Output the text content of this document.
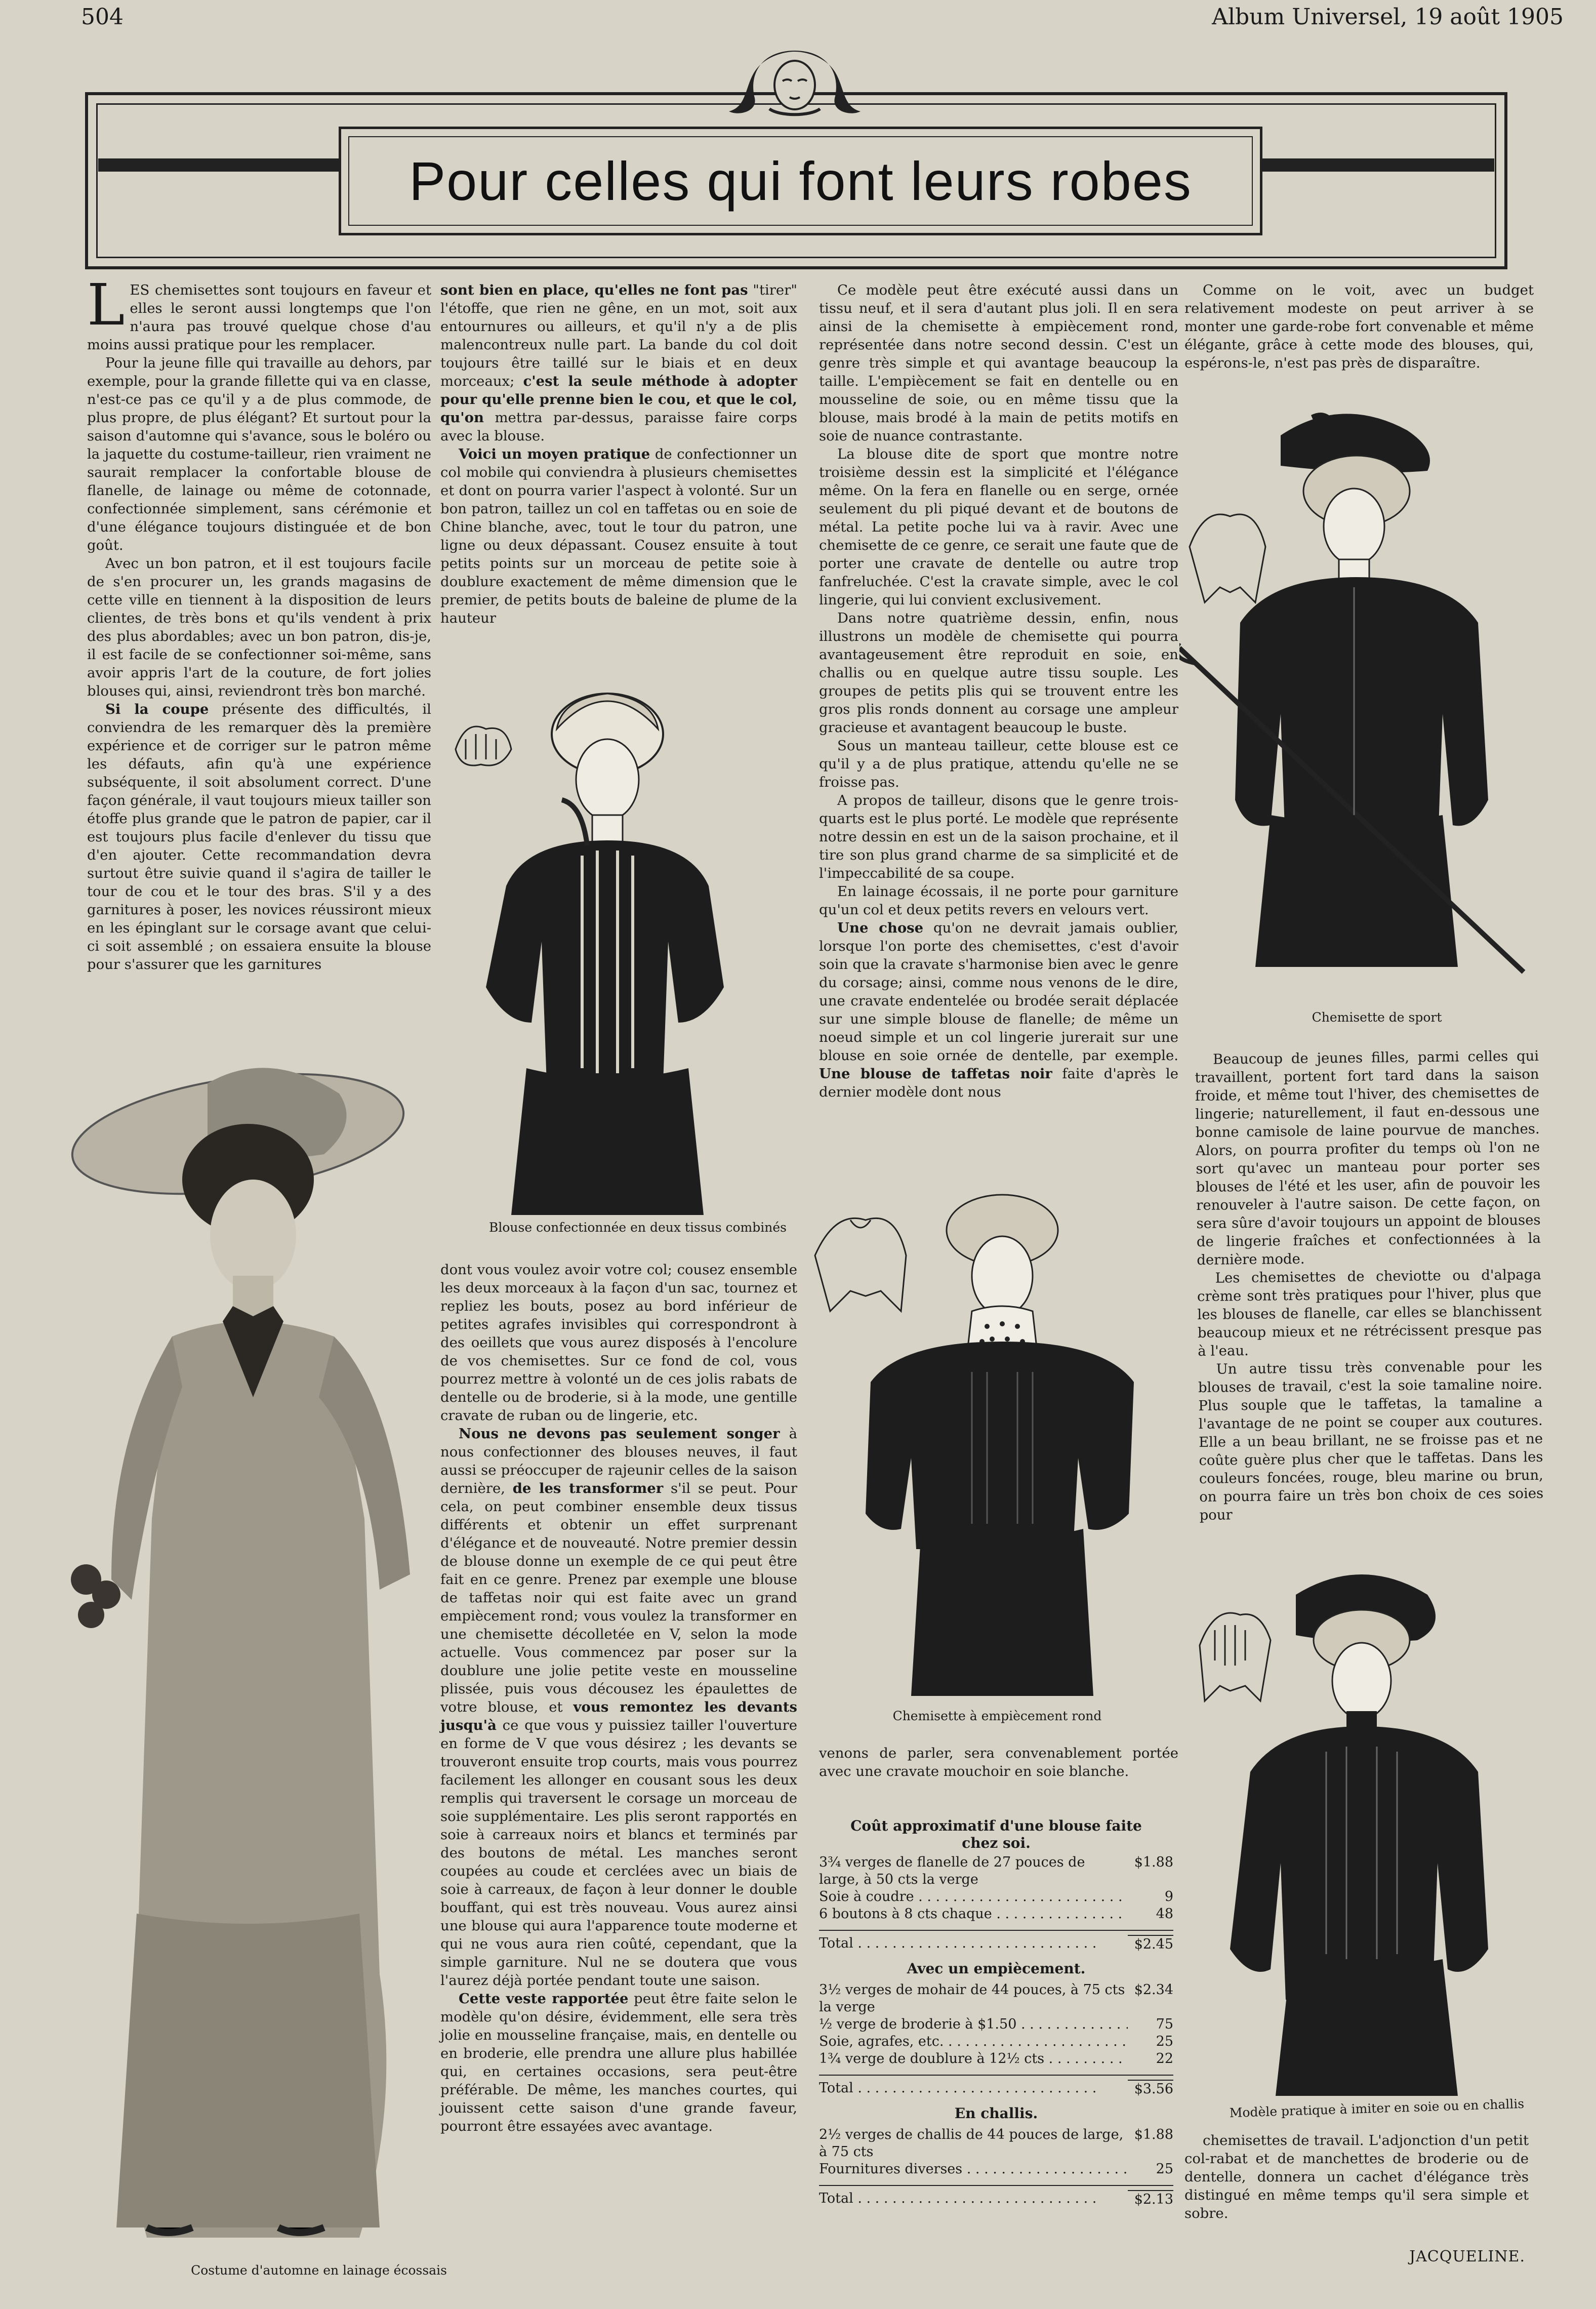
504	Album Universel, 19 août 1905
Pour celles qui font leurs robes

LES chemisettes sont toujours en faveur et elles le seront aussi longtemps que l'on n'aura pas trouvé quelque chose d'au moins aussi pratique pour les remplacer.

Pour la jeune fille qui travaille au dehors, par exemple, pour la grande fillette qui va en classe, n'est-ce pas ce qu'il y a de plus commode, de plus propre, de plus élégant? Et surtout pour la saison d'automne qui s'avance, sous le boléro ou la jaquette du costume-tailleur, rien vraiment ne saurait remplacer la confortable blouse de flanelle, de lainage ou même de cotonnade, confectionnée simplement, sans cérémonie et d'une élégance toujours distinguée et de bon goût.

Avec un bon patron, et il est toujours facile de s'en procurer un, les grands magasins de cette ville en tiennent à la disposition de leurs clientes, de très bons et qu'ils vendent à prix des plus abordables; avec un bon patron, dis-je, il est facile de se confectionner soi-même, sans avoir appris l'art de la couture, de fort jolies blouses qui, ainsi, reviendront très bon marché.

Si la coupe présente des difficultés, il conviendra de les remarquer dès la première expérience et de corriger sur le patron même les défauts, afin qu'à une expérience subséquente, il soit absolument correct. D'une façon générale, il vaut toujours mieux tailler son étoffe plus grande que le patron de papier, car il est toujours plus facile d'enlever du tissu que d'en ajouter. Cette recommandation devra surtout être suivie quand il s'agira de tailler le tour de cou et le tour des bras. S'il y a des garnitures à poser, les novices réussiront mieux en les épinglant sur le corsage avant que celui-ci soit assemblé ; on essaiera ensuite la blouse pour s'assurer que les garnitures

sont bien en place, qu'elles ne font pas "tirer" l'étoffe, que rien ne gêne, en un mot, soit aux entournures ou ailleurs, et qu'il n'y a de plis malencontreux nulle part. La bande du col doit toujours être taillé sur le biais et en deux morceaux; c'est la seule méthode à adopter pour qu'elle prenne bien le cou, et que le col, qu'on mettra par-dessus, paraisse faire corps avec la blouse.

Voici un moyen pratique de confectionner un col mobile qui conviendra à plusieurs chemisettes et dont on pourra varier l'aspect à volonté. Sur un bon patron, taillez un col en taffetas ou en soie de Chine blanche, avec, tout le tour du patron, une ligne ou deux dépassant. Cousez ensuite à tout petits points sur un morceau de petite soie à doublure exactement de même dimension que le premier, de petits bouts de baleine de plume de la hauteur

Blouse confectionnée en deux tissus combinés

dont vous voulez avoir votre col; cousez ensemble les deux morceaux à la façon d'un sac, tournez et repliez les bouts, posez au bord inférieur de petites agrafes invisibles qui correspondront à des oeillets que vous aurez disposés à l'encolure de vos chemisettes. Sur ce fond de col, vous pourrez mettre à volonté un de ces jolis rabats de dentelle ou de broderie, si à la mode, une gentille cravate de ruban ou de lingerie, etc.

Nous ne devons pas seulement songer à nous confectionner des blouses neuves, il faut aussi se préoccuper de rajeunir celles de la saison dernière, de les transformer s'il se peut. Pour cela, on peut combiner ensemble deux tissus différents et obtenir un effet surprenant d'élégance et de nouveauté. Notre premier dessin de blouse donne un exemple de ce qui peut être fait en ce genre. Prenez par exemple une blouse de taffetas noir qui est faite avec un grand empiècement rond; vous voulez la transformer en une chemisette décolletée en V, selon la mode actuelle. Vous commencez par poser sur la doublure une jolie petite veste en mousseline plissée, puis vous décousez les épaulettes de votre blouse, et vous remontez les devants jusqu'à ce que vous y puissiez tailler l'ouverture en forme de V que vous désirez ; les devants se trouveront ensuite trop courts, mais vous pourrez facilement les allonger en cousant sous les deux remplis qui traversent le corsage un morceau de soie supplémentaire. Les plis seront rapportés en soie à carreaux noirs et blancs et terminés par des boutons de métal. Les manches seront coupées au coude et cerclées avec un biais de soie à carreaux, de façon à leur donner le double bouffant, qui est très nouveau. Vous aurez ainsi une blouse qui aura l'apparence toute moderne et qui ne vous aura rien coûté, cependant, que la simple garniture. Nul ne se doutera que vous l'aurez déjà portée pendant toute une saison.

Cette veste rapportée peut être faite selon le modèle qu'on désire, évidemment, elle sera très jolie en mousseline française, mais, en dentelle ou en broderie, elle prendra une allure plus habillée qui, en certaines occasions, sera peut-être préférable. De même, les manches courtes, qui jouissent cette saison d'une grande faveur, pourront être essayées avec avantage.

Costume d'automne en lainage écossais

Ce modèle peut être exécuté aussi dans un tissu neuf, et il sera d'autant plus joli. Il en sera ainsi de la chemisette à empiècement rond, représentée dans notre second dessin. C'est un genre très simple et qui avantage beaucoup la taille. L'empiècement se fait en dentelle ou en mousseline de soie, ou en même tissu que la blouse, mais brodé à la main de petits motifs en soie de nuance contrastante.

La blouse dite de sport que montre notre troisième dessin est la simplicité et l'élégance même. On la fera en flanelle ou en serge, ornée seulement du pli piqué devant et de boutons de métal. La petite poche lui va à ravir. Avec une chemisette de ce genre, ce serait une faute que de porter une cravate de dentelle ou autre trop fanfreluchée. C'est la cravate simple, avec le col lingerie, qui lui convient exclusivement.

Dans notre quatrième dessin, enfin, nous illustrons un modèle de chemisette qui pourra avantageusement être reproduit en soie, en challis ou en quelque autre tissu souple. Les groupes de petits plis qui se trouvent entre les gros plis ronds donnent au corsage une ampleur gracieuse et avantagent beaucoup le buste.

Sous un manteau tailleur, cette blouse est ce qu'il y a de plus pratique, attendu qu'elle ne se froisse pas.

A propos de tailleur, disons que le genre trois-quarts est le plus porté. Le modèle que représente notre dessin en est un de la saison prochaine, et il tire son plus grand charme de sa simplicité et de l'impeccabilité de sa coupe.

En lainage écossais, il ne porte pour garniture qu'un col et deux petits revers en velours vert.

Une chose qu'on ne devrait jamais oublier, lorsque l'on porte des chemisettes, c'est d'avoir soin que la cravate s'harmonise bien avec le genre du corsage; ainsi, comme nous venons de le dire, une cravate endentelée ou brodée serait déplacée sur une simple blouse de flanelle; de même un noeud simple et un col lingerie jurerait sur une blouse en soie ornée de dentelle, par exemple. Une blouse de taffetas noir faite d'après le dernier modèle dont nous

Chemisette à empiècement rond

venons de parler, sera convenablement portée avec une cravate mouchoir en soie blanche.

Coût approximatif d'une blouse faite
chez soi.
3¾ verges de flanelle de 27 pouces de large, à 50 cts la verge
$1.88
Soie à coudre . . .	9
6 boutons à 8 cts chaque . . .	48
Total . . .	$2.45
Avec un empiècement.
3½ verges de mohair de 44 pouces, à 75 cts la verge
$2.34
½ verge de broderie à $1.50 . . .	75
Soie, agrafes, etc. . . .	25
1¾ verge de doublure à 12½ cts . . .	22
Total . . .	$3.56
En challis.
2½ verges de challis de 44 pouces de large, à 75 cts
$1.88
Fournitures diverses . . .	25
Total . . .	$2.13

Comme on le voit, avec un budget relativement modeste on peut arriver à se monter une garde-robe fort convenable et même élégante, grâce à cette mode des blouses, qui, espérons-le, n'est pas près de disparaître.

Chemisette de sport

Beaucoup de jeunes filles, parmi celles qui travaillent, portent fort tard dans la saison froide, et même tout l'hiver, des chemisettes de lingerie; naturellement, il faut en-dessous une bonne camisole de laine pourvue de manches. Alors, on pourra profiter du temps où l'on ne sort qu'avec un manteau pour porter ses blouses de l'été et les user, afin de pouvoir les renouveler à l'autre saison. De cette façon, on sera sûre d'avoir toujours un appoint de blouses de lingerie fraîches et confectionnées à la dernière mode.

Les chemisettes de cheviotte ou d'alpaga crème sont très pratiques pour l'hiver, plus que les blouses de flanelle, car elles se blanchissent beaucoup mieux et ne rétrécissent presque pas à l'eau.

Un autre tissu très convenable pour les blouses de travail, c'est la soie tamaline noire. Plus souple que le taffetas, la tamaline a l'avantage de ne point se couper aux coutures. Elle a un beau brillant, ne se froisse pas et ne coûte guère plus cher que le taffetas. Dans les couleurs foncées, rouge, bleu marine ou brun, on pourra faire un très bon choix de ces soies pour

Modèle pratique à imiter en soie ou en challis

chemisettes de travail. L'adjonction d'un petit col-rabat et de manchettes de broderie ou de dentelle, donnera un cachet d'élégance très distingué en même temps qu'il sera simple et sobre.

JACQUELINE.
